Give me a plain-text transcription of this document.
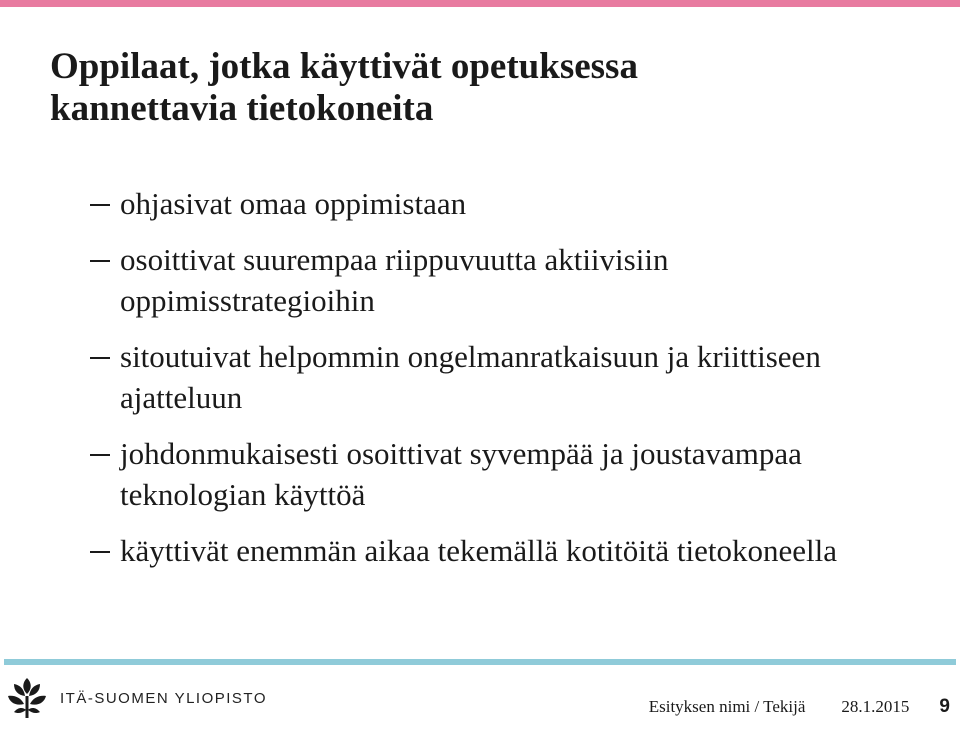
Oppilaat, jotka käyttivät opetuksessa
kannettavia tietokoneita
ohjasivat omaa oppimistaan
osoittivat suurempaa riippuvuutta aktiivisiin oppimisstrategioihin
sitoutuivat helpommin ongelmanratkaisuun ja kriittiseen ajatteluun
johdonmukaisesti osoittivat syvempää ja joustavampaa teknologian käyttöä
käyttivät enemmän aikaa tekemällä kotitöitä tietokoneella
ITÄ-SUOMEN YLIOPISTO	Esityksen nimi / Tekijä 28.1.2015 9
